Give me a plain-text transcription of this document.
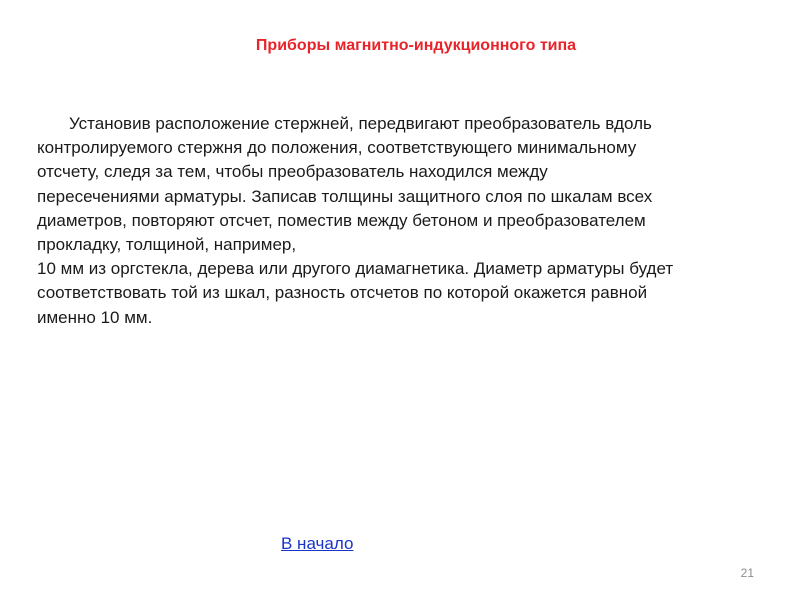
Приборы магнитно-индукционного типа
Установив расположение стержней, передвигают преобразователь вдоль
контролируемого стержня до положения, соответствующего минимальному
отсчету, следя за тем, чтобы преобразователь находился между
пересечениями арматуры. Записав толщины защитного слоя по шкалам всех
диаметров, повторяют отсчет, поместив между бетоном и преобразователем
прокладку, толщиной, например,
10 мм из оргстекла, дерева или другого диамагнетика. Диаметр арматуры будет
соответствовать той из шкал, разность отсчетов по которой окажется равной
именно 10 мм.
В начало
21
